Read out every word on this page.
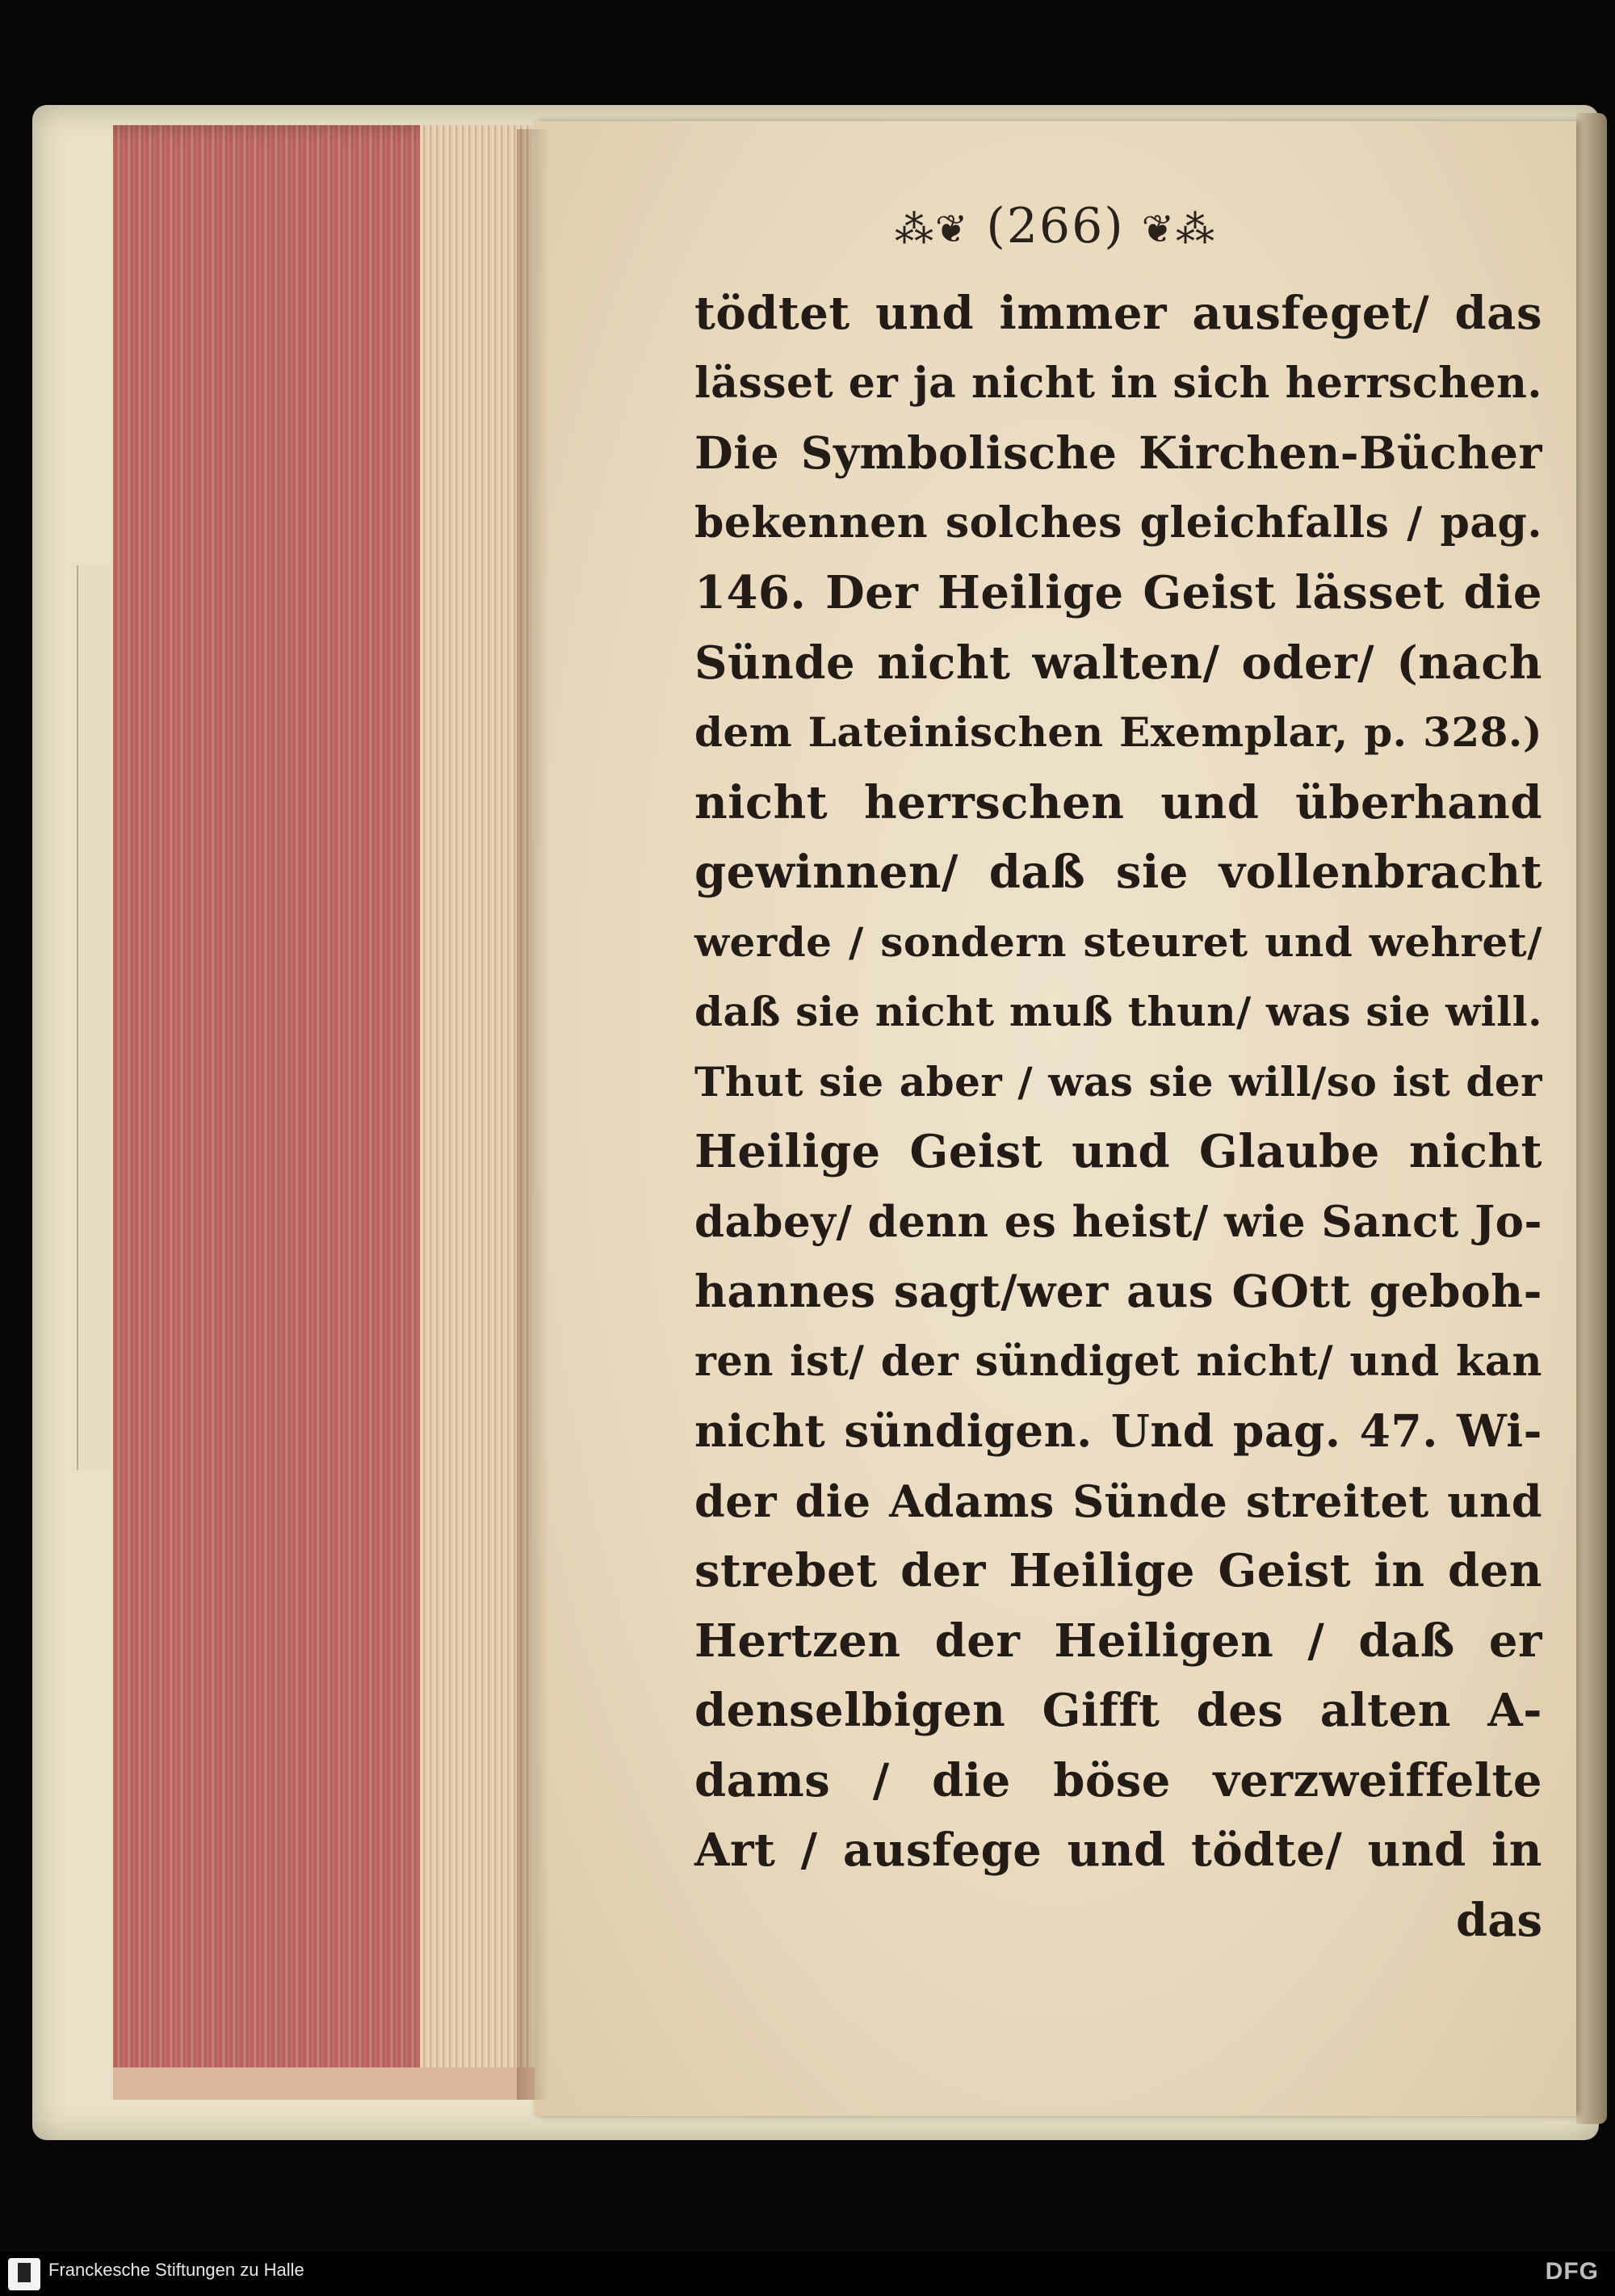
⁂❦ (266) ❦⁂
tödtet und immer ausfeget/ das
lässet er ja nicht in sich herrschen.
Die Symbolische Kirchen-Bücher
bekennen solches gleichfalls / pag.
146. Der Heilige Geist lässet die
Sünde nicht walten/ oder/ (nach
dem Lateinischen Exemplar, p. 328.)
nicht herrschen und überhand
gewinnen/ daß sie vollenbracht
werde / sondern steuret und wehret/
daß sie nicht muß thun/ was sie will.
Thut sie aber / was sie will/so ist der
Heilige Geist und Glaube nicht
dabey/ denn es heist/ wie Sanct Jo-
hannes sagt/wer aus GOtt geboh-
ren ist/ der sündiget nicht/ und kan
nicht sündigen. Und pag. 47. Wi-
der die Adams Sünde streitet und
strebet der Heilige Geist in den
Hertzen der Heiligen / daß er
denselbigen Gifft des alten A-
dams / die böse verzweiffelte
Art / ausfege und tödte/ und in
das
Franckesche Stiftungen zu Halle	DFG
